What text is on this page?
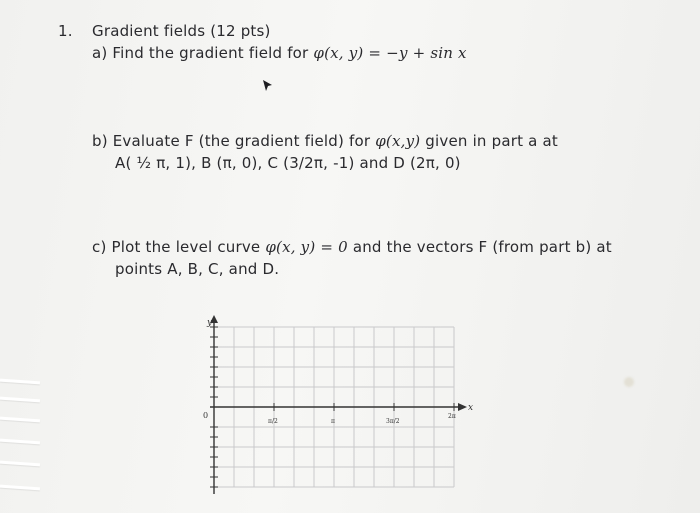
1. Gradient fields (12 pts)
a) Find the gradient field for φ(x, y) = −y + sin x
b) Evaluate F (the gradient field) for φ(x,y) given in part a at
A( ½ π, 1), B (π, 0), C (3/2π, -1) and D (2π, 0)
c) Plot the level curve φ(x, y) = 0 and the vectors F (from part b) at
points A, B, C, and D.
y
x
0
π/2	π	3π/2
2π
